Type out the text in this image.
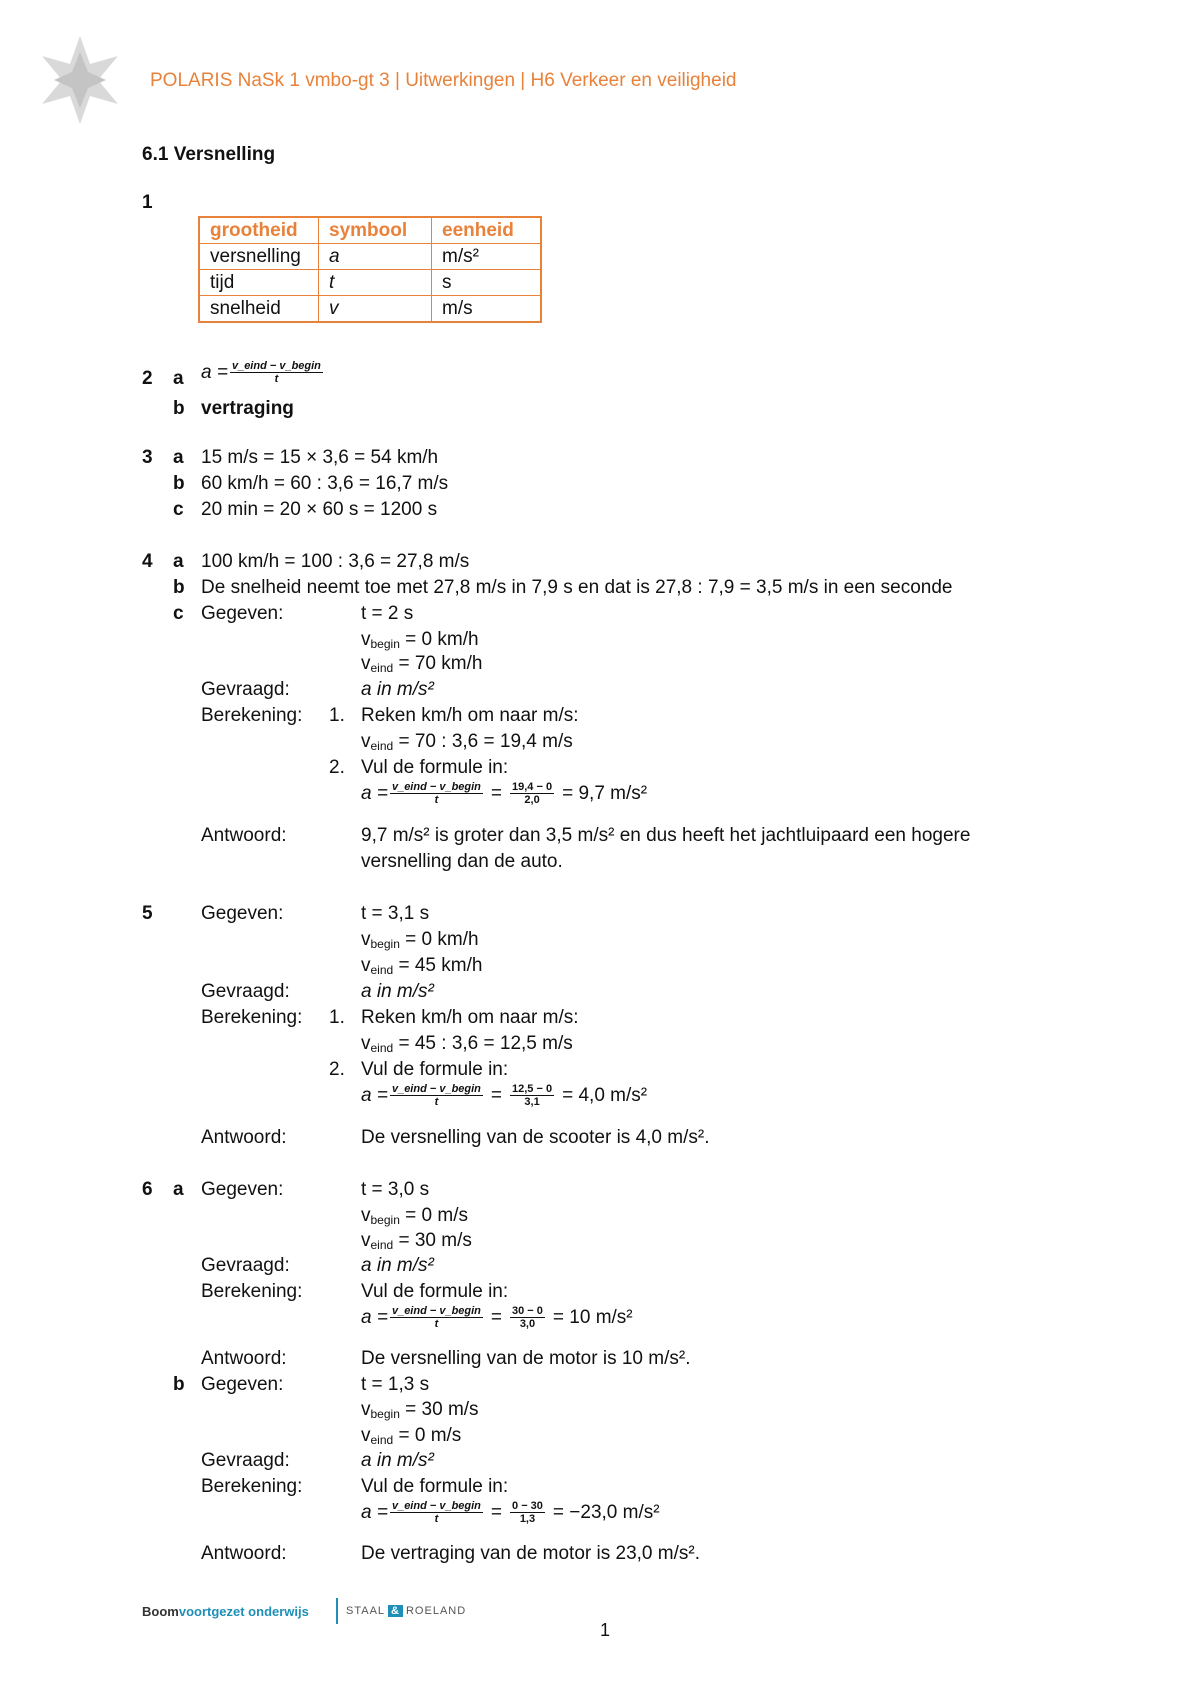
POLARIS NaSk 1 vmbo-gt 3 | Uitwerkingen | H6 Verkeer en veiligheid
6.1 Versnelling
1
grootheid	symbool	eenheid
versnelling	a	m/s²
tijd	t	s
snelheid	v	m/s
2 a $a = \frac{\text{v\_eind − v\_begin}}{t}$
b vertraging
3 a 15 m/s = 15 × 3,6 = 54 km/h
b 60 km/h = 60 : 3,6 = 16,7 m/s
c 20 min = 20 × 60 s = 1200 s
4 a 100 km/h = 100 : 3,6 = 27,8 m/s
b De snelheid neemt toe met 27,8 m/s in 7,9 s en dat is 27,8 : 7,9 = 3,5 m/s in een seconde
c Gegeven:	t = 2 s
$v_{begin} = 0$ km/h
$v_{eind} = 70$ km/h
Gevraagd:	a in m/s²
Berekening: 1. Reken km/h om naar m/s:
$v_{eind} = 70$ : 3,6 = 19,4 m/s
2. Vul de formule in:
$a = \frac{\text{v\_eind − v\_begin}}{t} = \frac{19,4 - 0}{2,0} = 9,7$ m/s²
Antwoord:	9,7 m/s² is groter dan 3,5 m/s² en dus heeft het jachtluipaard een hogere
versnelling dan de auto.
5	Gegeven:	t = 3,1 s
$v_{begin} = 0$ km/h
$v_{eind} = 45$ km/h
Gevraagd:	a in m/s²
Berekening: 1. Reken km/h om naar m/s:
$v_{eind} = 45$ : 3,6 = 12,5 m/s
2. Vul de formule in:
$a = \frac{\text{v\_eind − v\_begin}}{t} = \frac{12,5 - 0}{3,1} = 4,0$ m/s²
Antwoord:	De versnelling van de scooter is 4,0 m/s².
6 a Gegeven:	t = 3,0 s
$v_{begin} = 0$ m/s
$v_{eind} = 30$ m/s
Gevraagd:	a in m/s²
Berekening:	Vul de formule in:
$a = \frac{\text{v\_eind − v\_begin}}{t} = \frac{30 - 0}{3,0} = 10$ m/s²
Antwoord:	De versnelling van de motor is 10 m/s².
b Gegeven:	t = 1,3 s
$v_{begin} = 30$ m/s
$v_{eind} = 0$ m/s
Gevraagd:	a in m/s²
Berekening:	Vul de formule in:
$a = \frac{\text{v\_eind − v\_begin}}{t} = \frac{0 - 30}{1,3} = -23,0$ m/s²
Antwoord:	De vertraging van de motor is 23,0 m/s².
Boomvoortgezet onderwijs	STAAL & ROELAND
1
